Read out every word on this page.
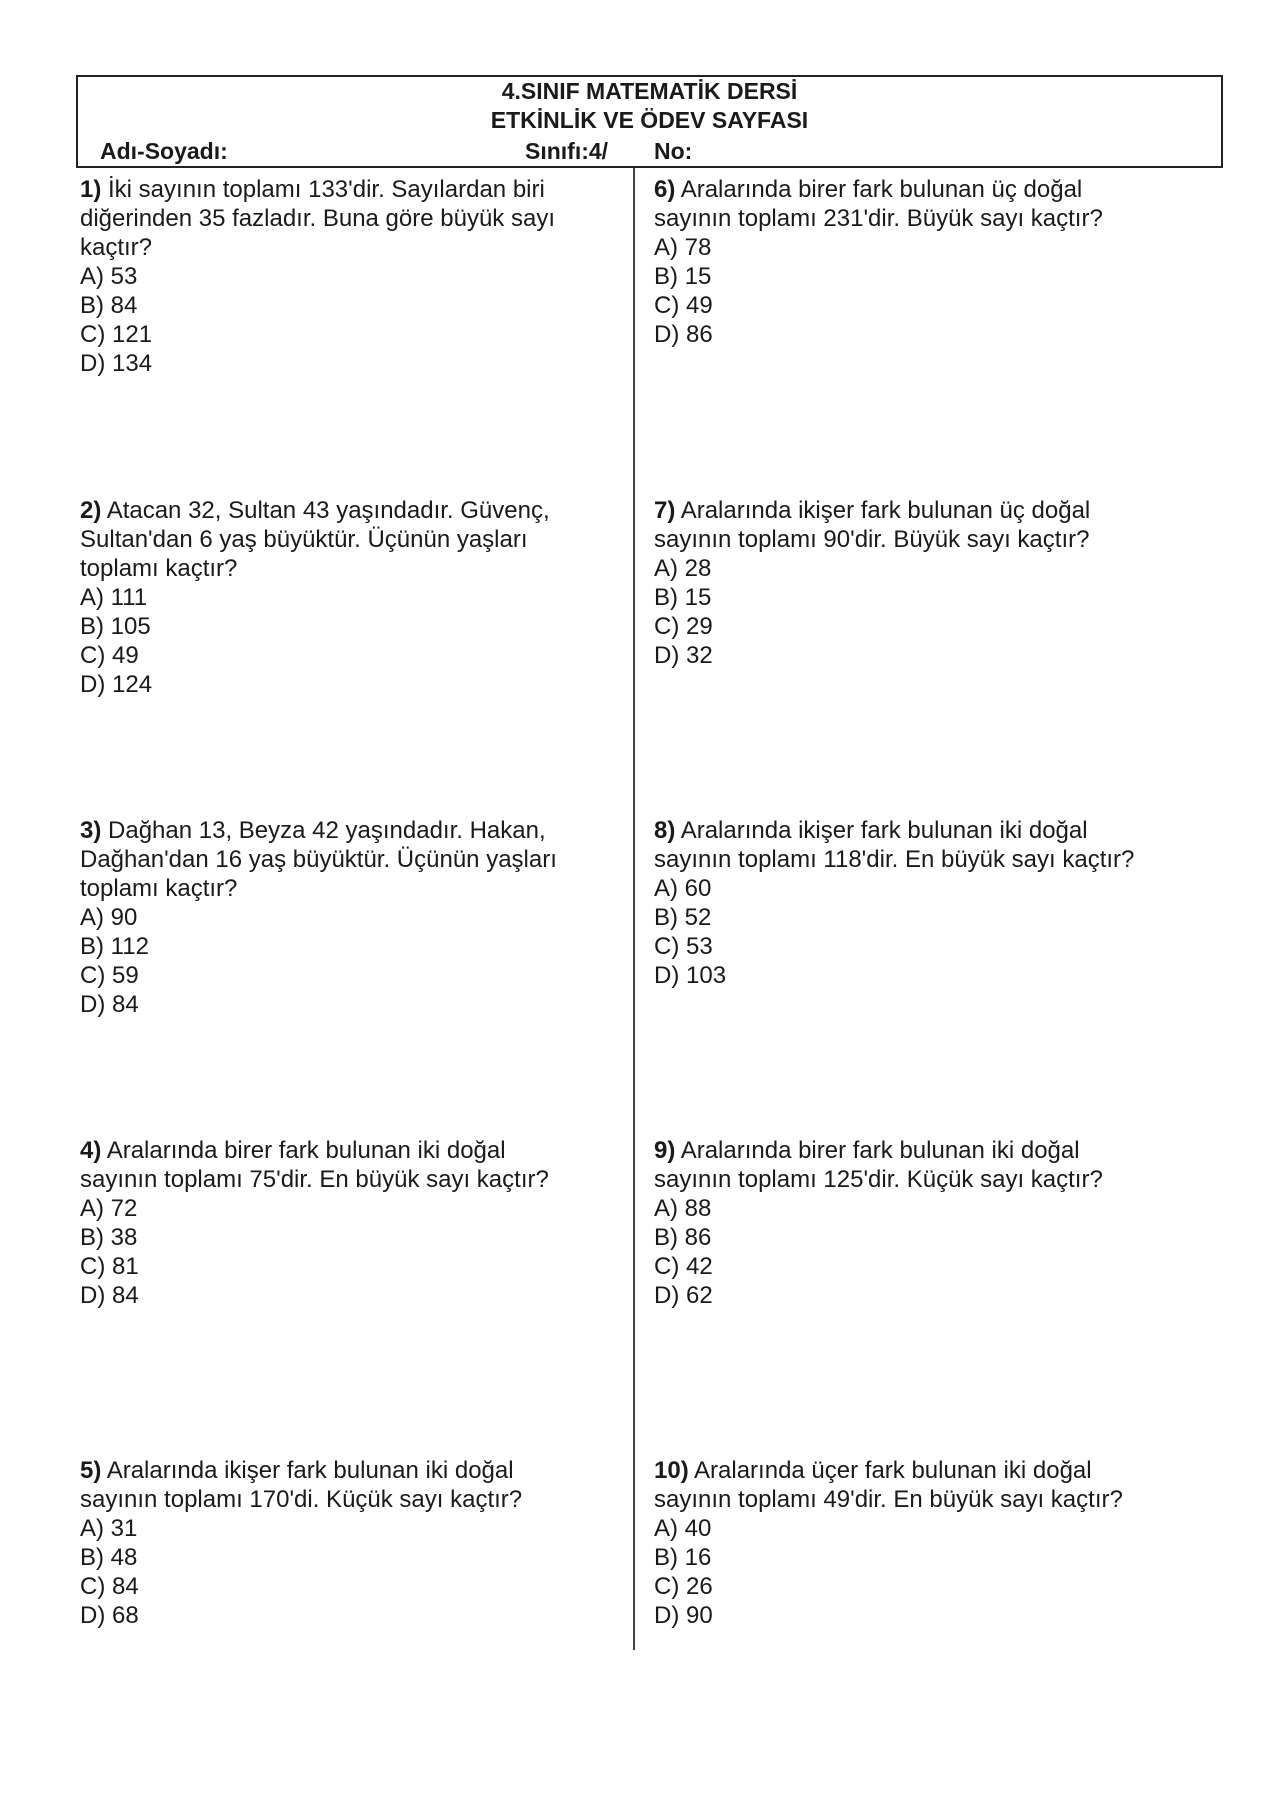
4.SINIF MATEMATİK DERSİ
ETKİNLİK VE ÖDEV SAYFASI
Adı-Soyadı:	Sınıfı:4/ No:
1) İki sayının toplamı 133'dir. Sayılardan biri
diğerinden 35 fazladır. Buna göre büyük sayı
kaçtır?
A) 53
B) 84
C) 121
D) 134
2) Atacan 32, Sultan 43 yaşındadır. Güvenç,
Sultan'dan 6 yaş büyüktür. Üçünün yaşları
toplamı kaçtır?
A) 111
B) 105
C) 49
D) 124
3) Dağhan 13, Beyza 42 yaşındadır. Hakan,
Dağhan'dan 16 yaş büyüktür. Üçünün yaşları
toplamı kaçtır?
A) 90
B) 112
C) 59
D) 84
4) Aralarında birer fark bulunan iki doğal
sayının toplamı 75'dir. En büyük sayı kaçtır?
A) 72
B) 38
C) 81
D) 84
5) Aralarında ikişer fark bulunan iki doğal
sayının toplamı 170'di. Küçük sayı kaçtır?
A) 31
B) 48
C) 84
D) 68
6) Aralarında birer fark bulunan üç doğal
sayının toplamı 231'dir. Büyük sayı kaçtır?
A) 78
B) 15
C) 49
D) 86
7) Aralarında ikişer fark bulunan üç doğal
sayının toplamı 90'dir. Büyük sayı kaçtır?
A) 28
B) 15
C) 29
D) 32
8) Aralarında ikişer fark bulunan iki doğal
sayının toplamı 118'dir. En büyük sayı kaçtır?
A) 60
B) 52
C) 53
D) 103
9) Aralarında birer fark bulunan iki doğal
sayının toplamı 125'dir. Küçük sayı kaçtır?
A) 88
B) 86
C) 42
D) 62
10) Aralarında üçer fark bulunan iki doğal
sayının toplamı 49'dir. En büyük sayı kaçtır?
A) 40
B) 16
C) 26
D) 90
